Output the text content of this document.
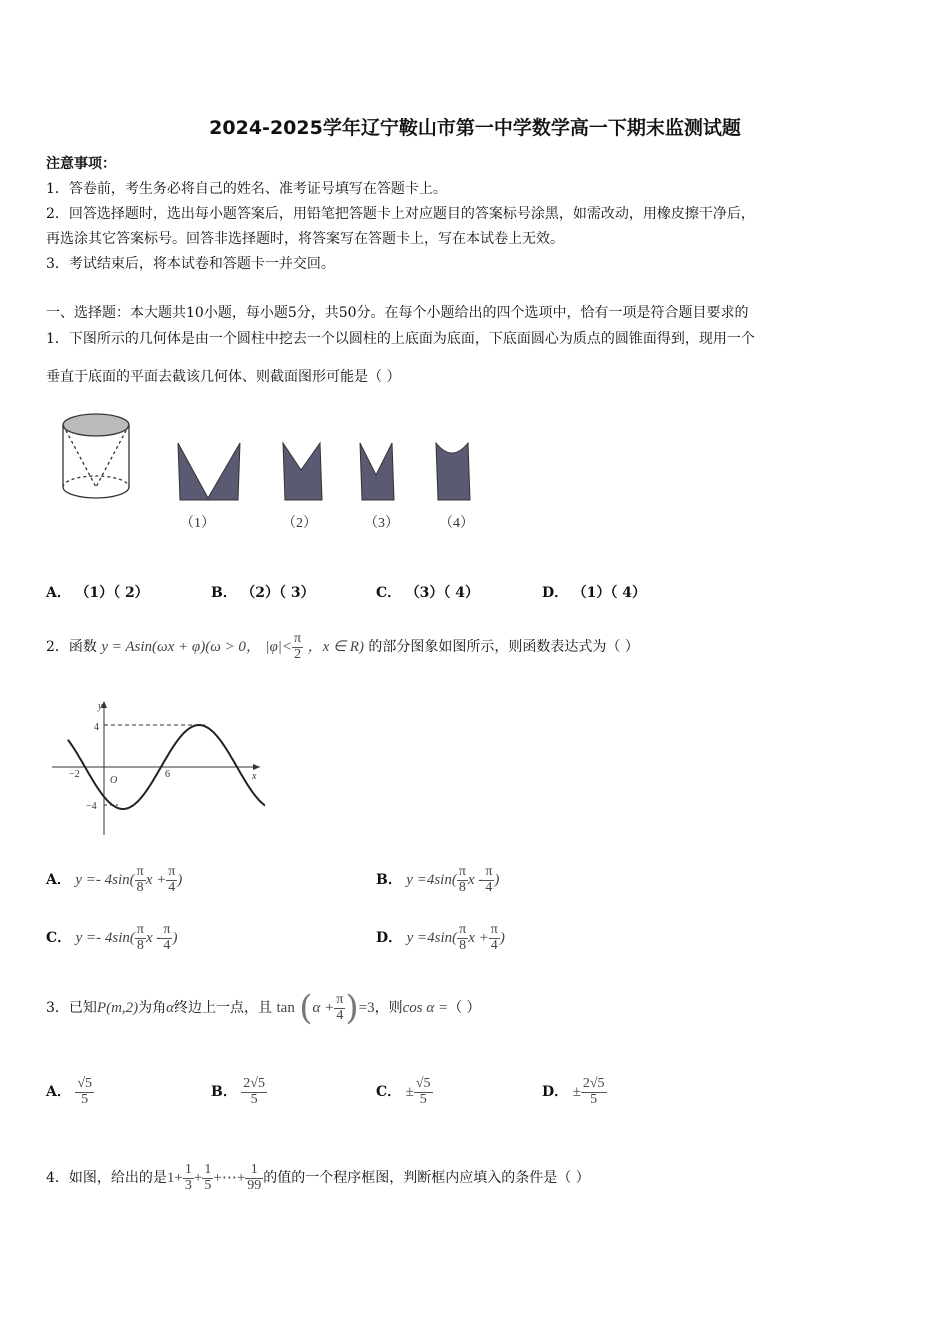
2024-2025学年辽宁鞍山市第一中学数学高一下期末监测试题
注意事项：
1．答卷前，考生务必将自己的姓名、准考证号填写在答题卡上。
2．回答选择题时，选出每小题答案后，用铅笔把答题卡上对应题目的答案标号涂黑，如需改动，用橡皮擦干净后，
再选涂其它答案标号。回答非选择题时，将答案写在答题卡上，写在本试卷上无效。
3．考试结束后，将本试卷和答题卡一并交回。
一、选择题：本大题共10小题，每小题5分，共50分。在每个小题给出的四个选项中，恰有一项是符合题目要求的
1．下图所示的几何体是由一个圆柱中挖去一个以圆柱的上底面为底面，下底面圆心为质点的圆锥面得到，现用一个
垂直于底面的平面去截该几何体、则截面图形可能是（ ）
（1）	（2）	（3）	（4）
A． （1）（ 2）	B． （2）（ 3）	C． （3）（ 4）	D． （1）（ 4）
2．函数 y = Asin(ωx + φ)(ω > 0， $|\varphi|< \frac{\pi}{2}$ ，x ∈ R) 的部分图象如图所示，则函数表达式为（ ）
y
x
O
4
−4
−2	6
A． $y =- 4\sin( \frac{\pi}{8}$ $x + \frac{\pi}{4}$ )	B． $y =4\sin( \frac{\pi}{8}$ x - $\frac{\pi}{4}$ )
C． $y =- 4\sin( \frac{\pi}{8}$ x - $\frac{\pi}{4}$ )	D． $y =4\sin( \frac{\pi}{8}$ $x + \frac{\pi}{4}$ )
3．已知P(m,2)为角α终边上一点，且 $\tan (\alpha + \frac{\pi}{4} )=3$，则cos α =（ ）
A． $\frac{√5}{5}$	B． $\frac{2√5}{5}$	C． ± $\frac{√5}{5}$	D． ± $\frac{2√5}{5}$
4．如图，给出的是$1+ \frac{1}{3} + \frac{1}{5}$ +⋯+ $\frac{1}{99}$ 的值的一个程序框图，判断框内应填入的条件是（ ）
